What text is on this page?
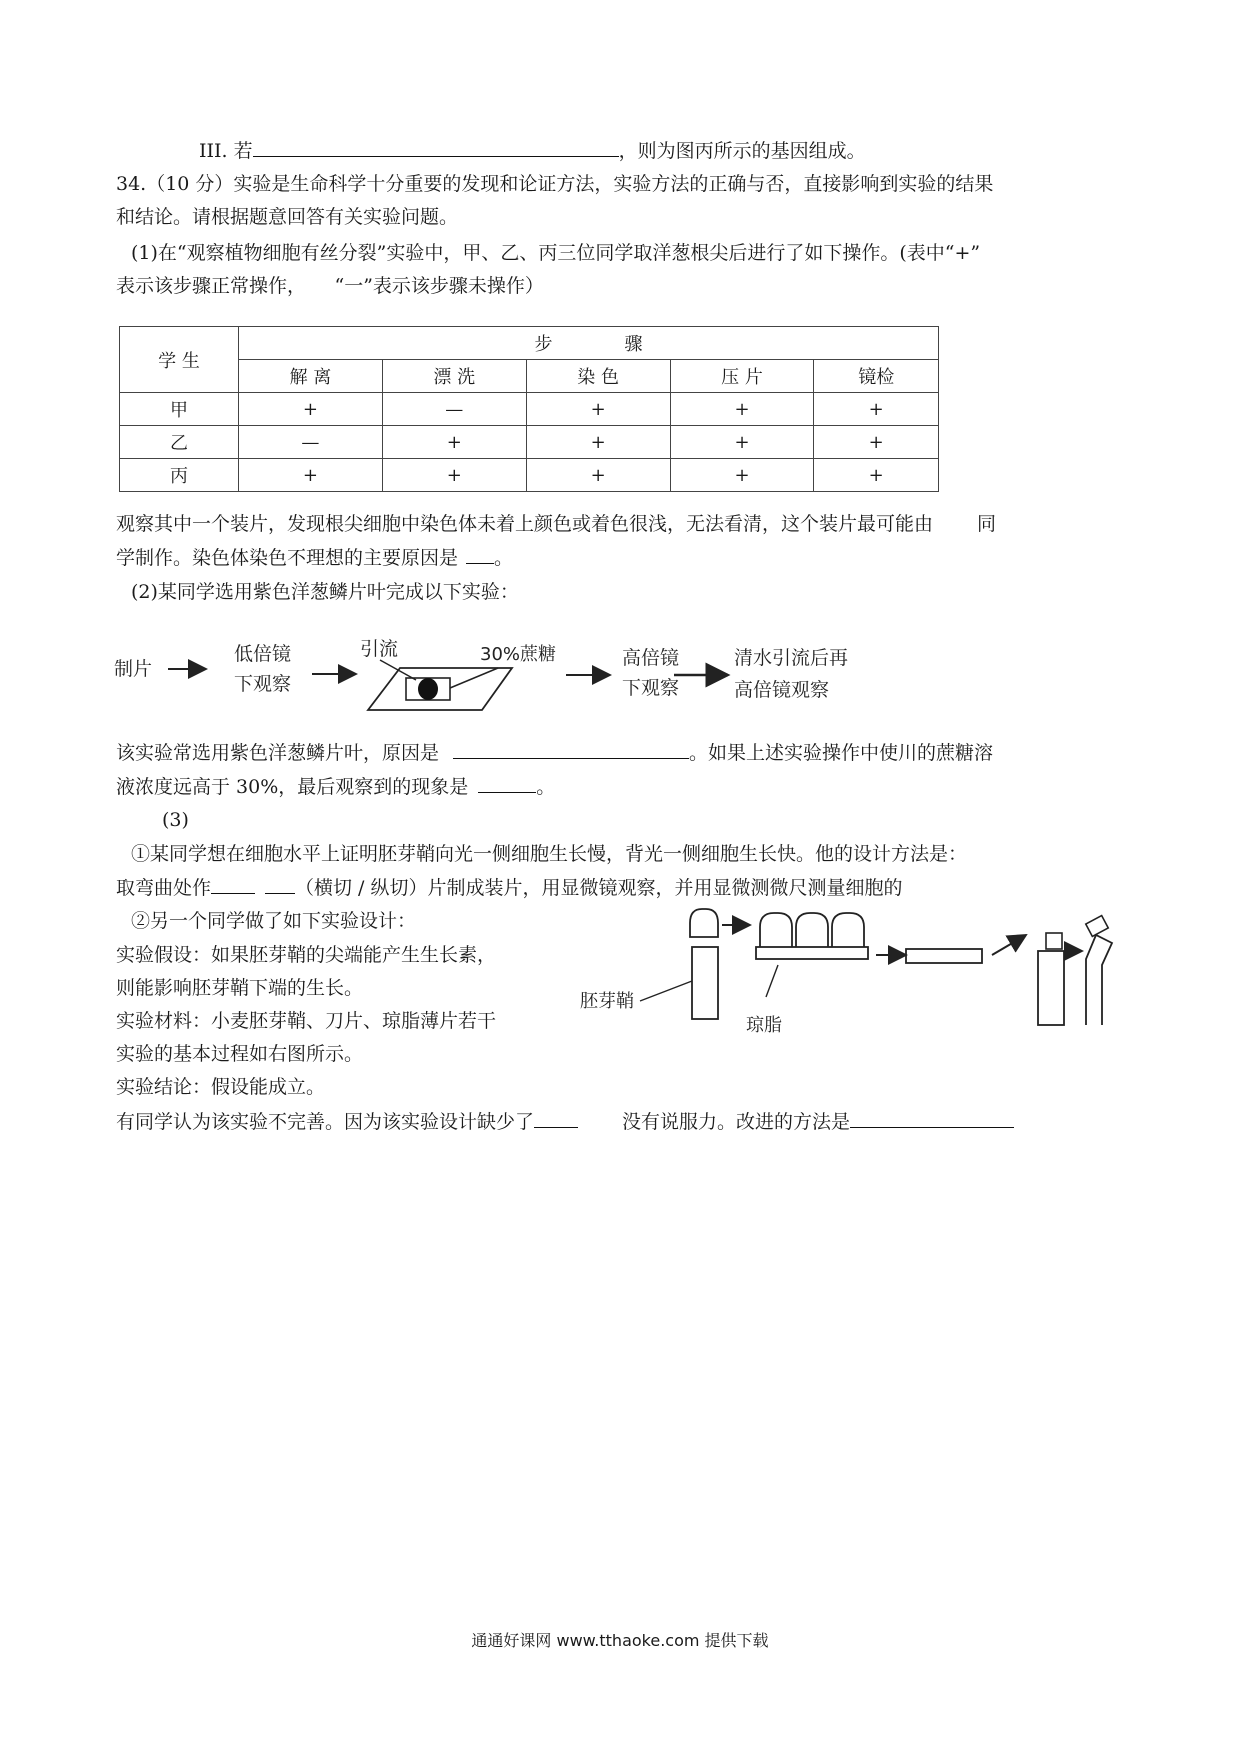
III. 若	，则为图丙所示的基因组成。
34.（10 分）实验是生命科学十分重要的发现和论证方法，实验方法的正确与否，直接影响到实验的结果
和结论。请根据题意回答有关实验问题。
(1)在“观察植物细胞有丝分裂”实验中，甲、乙、丙三位同学取洋葱根尖后进行了如下操作。(表中“+”
表示该步骤正常操作，　　“一”表示该步骤未操作）
学 生	步　　　　骤				
	解 离	漂 洗	染 色	压 片	镜检
甲	+	—	+	+	+
乙	—	+	+	+	+
丙	+	+	+	+	+
观察其中一个装片，发现根尖细胞中染色体未着上颜色或着色很浅，无法看清，这个装片最可能由 同
学制作。染色体染色不理想的主要原因是 。
(2)某同学选用紫色洋葱鳞片叶完成以下实验：
制片
低倍镜
下观察
引流	30%蔗糖	高倍镜
下观察
清水引流后再
高倍镜观察
该实验常选用紫色洋葱鳞片叶，原因是	。如果上述实验操作中使川的蔗糖溶
液浓度远高于 30%，最后观察到的现象是	。
(3)
①某同学想在细胞水平上证明胚芽鞘向光一侧细胞生长慢，背光一侧细胞生长快。他的设计方法是：
取弯曲处作	（横切 / 纵切）片制成装片，用显微镜观察，并用显微测微尺测量细胞的
②另一个同学做了如下实验设计：
实验假设：如果胚芽鞘的尖端能产生生长素，
则能影响胚芽鞘下端的生长。
实验材料：小麦胚芽鞘、刀片、琼脂薄片若干
实验的基本过程如右图所示。
实验结论：假设能成立。
有同学认为该实验不完善。因为该实验设计缺少了	没有说服力。改进的方法是
琼脂
胚芽鞘
通通好课网 www.tthaoke.com 提供下载
